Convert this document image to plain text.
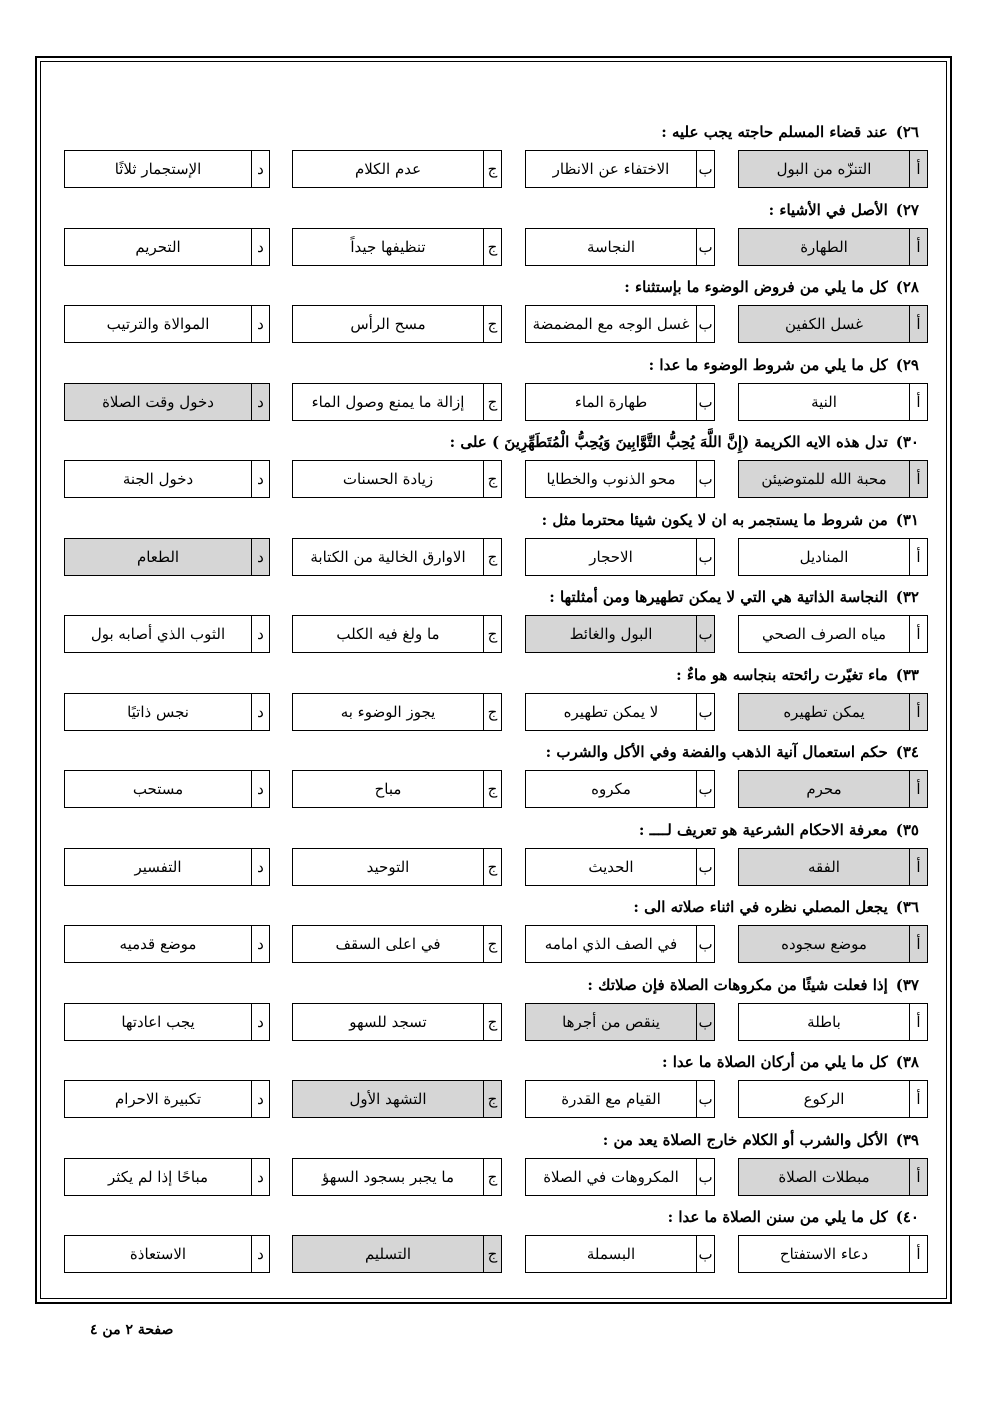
٢٦)عند قضاء المسلم حاجته يجب عليه :
التنزّه من البول	أ
الاختفاء عن الانظار	ب
عدم الكلام	ج
الإستجمار ثلاثًا	د
٢٧)الأصل في الأشياء :
الطهارة	أ
النجاسة	ب
تنظيفها جيداً	ج
التحريم	د
٢٨)كل ما يلي من فروض الوضوء ما بإستثناء :
غسل الكفين	أ
غسل الوجه مع المضمضة ب
مسح الرأس	ج
الموالاة والترتيب	د
٢٩)كل ما يلي من شروط الوضوء ما عدا :
النية	أ
طهارة الماء	ب
إزالة ما يمنع وصول الماء	ج
دخول وقت الصلاة	د
٣٠)تدل هذه الايه الكريمة (إِنَّ اللَّهَ يُحِبُّ التَّوَّابِينَ وَيُحِبُّ الْمُتَطَهِّرِينَ ) على :
محبة الله للمتوضيئن	أ
محو الذنوب والخطايا	ب
زيادة الحسنات	ج
دخول الجنة	د
٣١)من شروط ما يستجمر به ان لا يكون شيئا محترما مثل :
المناديل	أ
الاحجار	ب
الاوارق الخالية من الكتابة	ج
الطعام	د
٣٢)النجاسة الذاتية هي التي لا يمكن تطهيرها ومن أمثلتها :
مياه الصرف الصحي	أ
البول والغائط	ب
ما ولغ فيه الكلب	ج
الثوب الذي أصابه بول	د
٣٣)ماء تغيّرت رائحته بنجاسه هو ماءٌ :
يمكن تطهيره	أ
لا يمكن تطهيره	ب
يجوز الوضوء به	ج
نجس ذاتيًا	د
٣٤)حكم استعمال آنية الذهب والفضة وفي الأكل والشرب :
محرم	أ
مكروه	ب
مباح	ج
مستحب	د
٣٥)معرفة الاحكام الشرعية هو تعريف لــــ :
الفقه	أ
الحديث	ب
التوحيد	ج
التفسير	د
٣٦)يجعل المصلي نظره في اثناء صلاته الى :
موضع سجوده	أ
في الصف الذي امامه	ب
في اعلى السقف	ج
موضع قدميه	د
٣٧)إذا فعلت شيئًا من مكروهات الصلاة فإن صلاتك :
باطلة	أ
ينقص من أجرها	ب
تسجد للسهو	ج
يجب اعادتها	د
٣٨)كل ما يلي من أركان الصلاة ما عدا :
الركوع	أ
القيام مع القدرة	ب
التشهد الأول	ج
تكبيرة الاحرام	د
٣٩)الأكل والشرب أو الكلام خارج الصلاة يعد من :
مبطلات الصلاة	أ
المكروهات في الصلاة	ب
ما يجبر بسجود السهؤ	ج
مباحًا إذا لم يكثر	د
٤٠)كل ما يلي من سنن الصلاة ما عدا :
دعاء الاستفتاح	أ
البسملة	ب
التسليم	ج
الاستعاذة	د
صفحة ٢ من ٤
